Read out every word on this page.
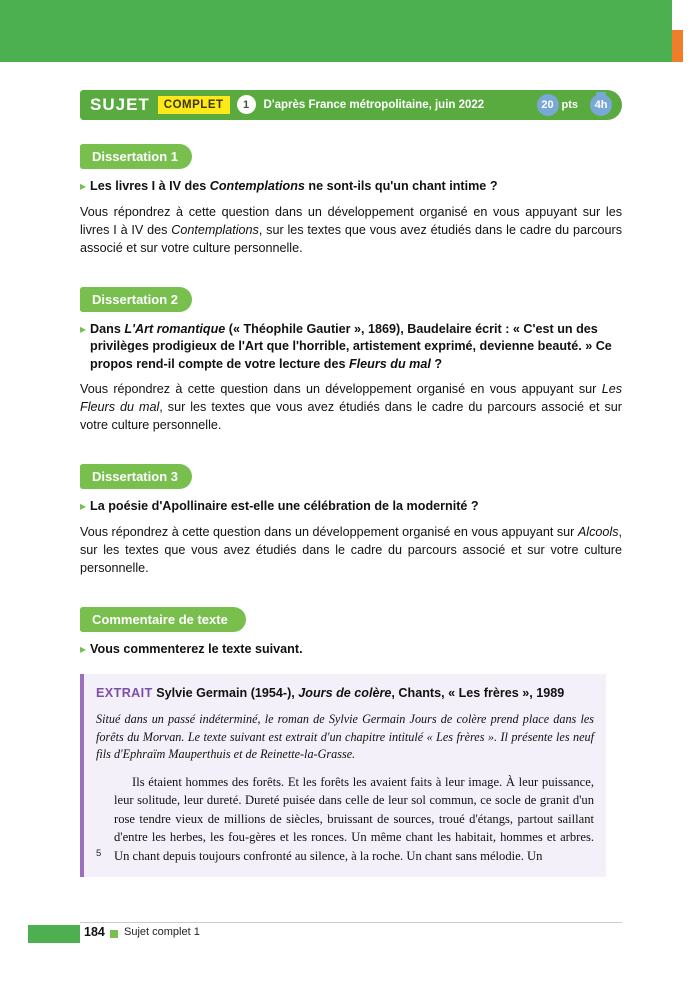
SUJET	COMPLET	1	D'après France métropolitaine, juin 2022	20 pts	4h
Dissertation 1
▸ Les livres I à IV des Contemplations ne sont-ils qu'un chant intime ?
Vous répondrez à cette question dans un développement organisé en vous appuyant sur les livres I à IV des Contemplations, sur les textes que vous avez étudiés dans le cadre du parcours associé et sur votre culture personnelle.
Dissertation 2
▸ Dans L'Art romantique (« Théophile Gautier », 1869), Baudelaire écrit : « C'est un des privilèges prodigieux de l'Art que l'horrible, artistement exprimé, devienne beauté. » Ce propos rend-il compte de votre lecture des Fleurs du mal ?
Vous répondrez à cette question dans un développement organisé en vous appuyant sur Les Fleurs du mal, sur les textes que vous avez étudiés dans le cadre du parcours associé et sur votre culture personnelle.
Dissertation 3
▸ La poésie d'Apollinaire est-elle une célébration de la modernité ?
Vous répondrez à cette question dans un développement organisé en vous appuyant sur Alcools, sur les textes que vous avez étudiés dans le cadre du parcours associé et sur votre culture personnelle.
Commentaire de texte
▸ Vous commenterez le texte suivant.
EXTRAIT Sylvie Germain (1954-), Jours de colère, Chants, « Les frères », 1989
Situé dans un passé indéterminé, le roman de Sylvie Germain Jours de colère prend place dans les forêts du Morvan. Le texte suivant est extrait d'un chapitre intitulé « Les frères ». Il présente les neuf fils d'Ephraïm Mauperthuis et de Reinette-la-Grasse.
5
Ils étaient hommes des forêts. Et les forêts les avaient faits à leur image. À leur puissance, leur solitude, leur dureté. Dureté puisée dans celle de leur sol commun, ce socle de granit d'un rose tendre vieux de millions de siècles, bruissant de sources, troué d'étangs, partout saillant d'entre les herbes, les fou-gères et les ronces. Un même chant les habitait, hommes et arbres. Un chant depuis toujours confronté au silence, à la roche. Un chant sans mélodie. Un
184 Sujet complet 1
